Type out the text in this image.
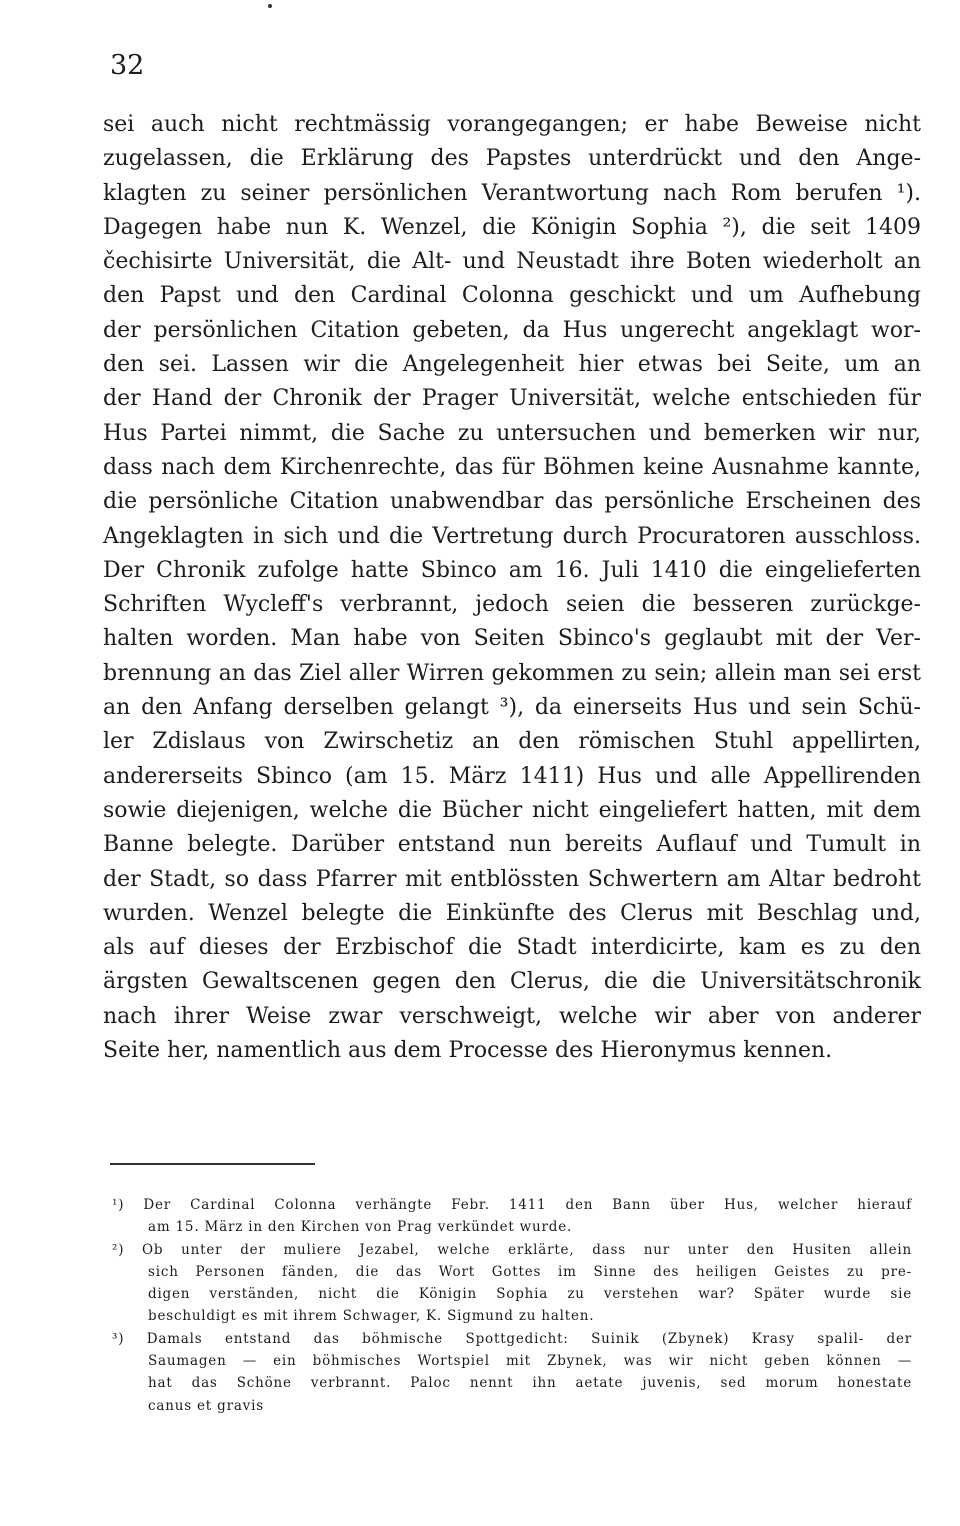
32
sei auch nicht rechtmässig vorangegangen; er habe Beweise nicht
zugelassen, die Erklärung des Papstes unterdrückt und den Ange-
klagten zu seiner persönlichen Verantwortung nach Rom berufen ¹).
Dagegen habe nun K. Wenzel, die Königin Sophia ²), die seit 1409
čechisirte Universität, die Alt- und Neustadt ihre Boten wiederholt an
den Papst und den Cardinal Colonna geschickt und um Aufhebung
der persönlichen Citation gebeten, da Hus ungerecht angeklagt wor-
den sei. Lassen wir die Angelegenheit hier etwas bei Seite, um an
der Hand der Chronik der Prager Universität, welche entschieden für
Hus Partei nimmt, die Sache zu untersuchen und bemerken wir nur,
dass nach dem Kirchenrechte, das für Böhmen keine Ausnahme kannte,
die persönliche Citation unabwendbar das persönliche Erscheinen des
Angeklagten in sich und die Vertretung durch Procuratoren ausschloss.
Der Chronik zufolge hatte Sbinco am 16. Juli 1410 die eingelieferten
Schriften Wycleff's verbrannt, jedoch seien die besseren zurückge-
halten worden. Man habe von Seiten Sbinco's geglaubt mit der Ver-
brennung an das Ziel aller Wirren gekommen zu sein; allein man sei erst
an den Anfang derselben gelangt ³), da einerseits Hus und sein Schü-
ler Zdislaus von Zwirschetiz an den römischen Stuhl appellirten,
andererseits Sbinco (am 15. März 1411) Hus und alle Appellirenden
sowie diejenigen, welche die Bücher nicht eingeliefert hatten, mit dem
Banne belegte. Darüber entstand nun bereits Auflauf und Tumult in
der Stadt, so dass Pfarrer mit entblössten Schwertern am Altar bedroht
wurden. Wenzel belegte die Einkünfte des Clerus mit Beschlag und,
als auf dieses der Erzbischof die Stadt interdicirte, kam es zu den
ärgsten Gewaltscenen gegen den Clerus, die die Universitätschronik
nach ihrer Weise zwar verschweigt, welche wir aber von anderer
Seite her, namentlich aus dem Processe des Hieronymus kennen.
¹) Der Cardinal Colonna verhängte Febr. 1411 den Bann über Hus, welcher hierauf
am 15. März in den Kirchen von Prag verkündet wurde.
²) Ob unter der muliere Jezabel, welche erklärte, dass nur unter den Husiten allein
sich Personen fänden, die das Wort Gottes im Sinne des heiligen Geistes zu pre-
digen verständen, nicht die Königin Sophia zu verstehen war? Später wurde sie
beschuldigt es mit ihrem Schwager, K. Sigmund zu halten.
³) Damals entstand das böhmische Spottgedicht: Suinik (Zbynek) Krasy spalil- der
Saumagen — ein böhmisches Wortspiel mit Zbynek, was wir nicht geben können —
hat das Schöne verbrannt. Paloc nennt ihn aetate juvenis, sed morum honestate
canus et gravis
